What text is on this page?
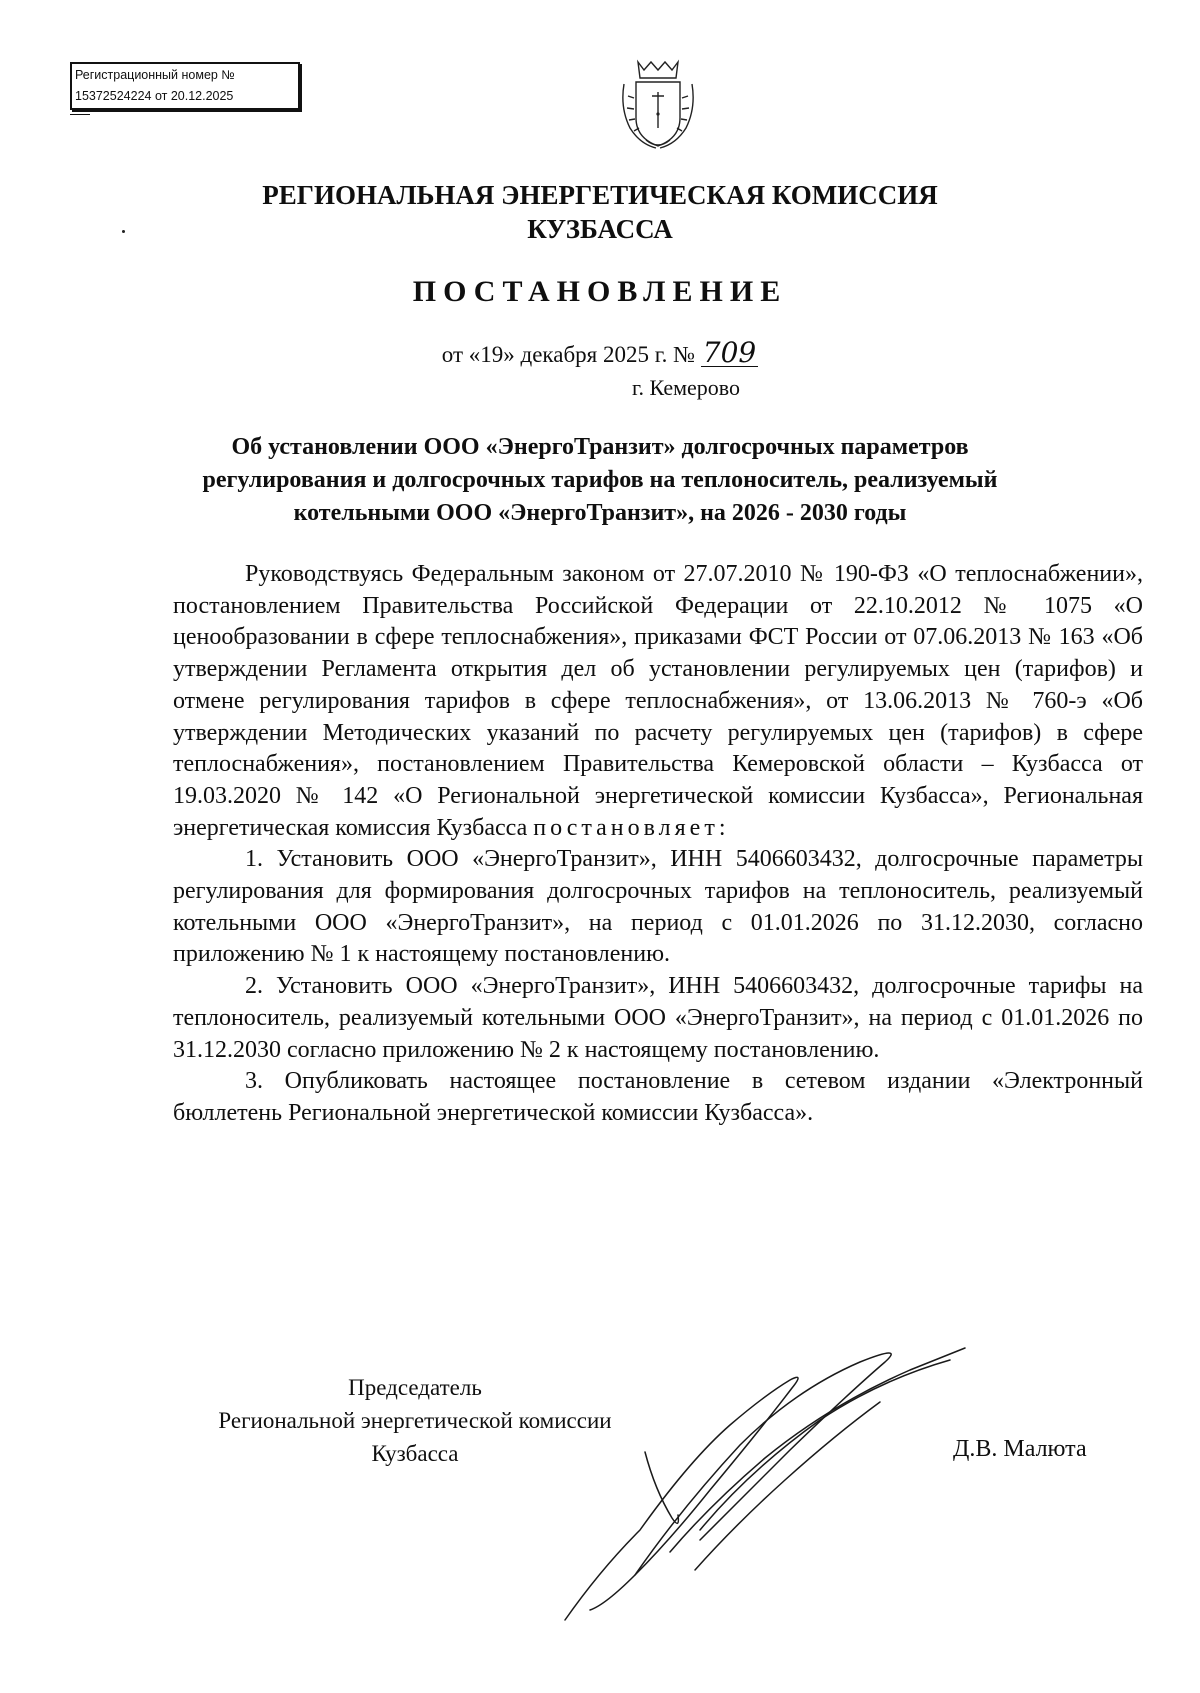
Регистрационный номер №
15372524224 от 20.12.2025
РЕГИОНАЛЬНАЯ ЭНЕРГЕТИЧЕСКАЯ КОМИССИЯ
КУЗБАССА
ПОСТАНОВЛЕНИЕ
от «19» декабря 2025 г. № 709
г. Кемерово
Об установлении ООО «ЭнергоТранзит» долгосрочных параметров
регулирования и долгосрочных тарифов на теплоноситель, реализуемый
котельными ООО «ЭнергоТранзит», на 2026 - 2030 годы

Руководствуясь Федеральным законом от 27.07.2010 № 190-ФЗ «О теплоснабжении», постановлением Правительства Российской Федерации от 22.10.2012 № 1075 «О ценообразовании в сфере теплоснабжения», приказами ФСТ России от 07.06.2013 № 163 «Об утверждении Регламента открытия дел об установлении регулируемых цен (тарифов) и отмене регулирования тарифов в сфере теплоснабжения», от 13.06.2013 № 760-э «Об утверждении Методических указаний по расчету регулируемых цен (тарифов) в сфере теплоснабжения», постановлением Правительства Кемеровской области – Кузбасса от 19.03.2020 № 142 «О Региональной энергетической комиссии Кузбасса», Региональная энергетическая комиссия Кузбасса постановляет:

1. Установить ООО «ЭнергоТранзит», ИНН 5406603432, долгосрочные параметры регулирования для формирования долгосрочных тарифов на теплоноситель, реализуемый котельными ООО «ЭнергоТранзит», на период с 01.01.2026 по 31.12.2030, согласно приложению № 1 к настоящему постановлению.

2. Установить ООО «ЭнергоТранзит», ИНН 5406603432, долгосрочные тарифы на теплоноситель, реализуемый котельными ООО «ЭнергоТранзит», на период с 01.01.2026 по 31.12.2030 согласно приложению № 2 к настоящему постановлению.

3. Опубликовать настоящее постановление в сетевом издании «Электронный бюллетень Региональной энергетической комиссии Кузбасса».

Председатель
Региональной энергетической комиссии
Кузбасса	Д.В. Малюта
